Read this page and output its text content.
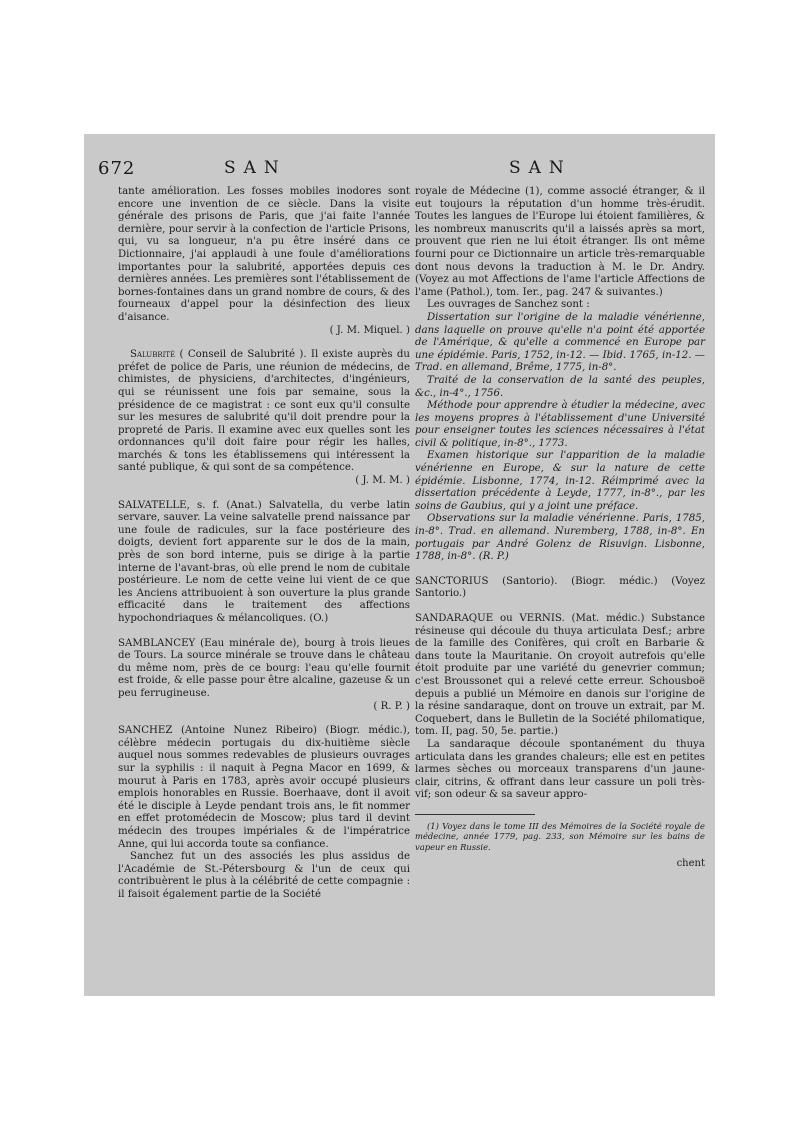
672	SAN	SAN

tante amélioration. Les fosses mobiles inodores sont encore une invention de ce siècle. Dans la visite générale des prisons de Paris, que j'ai faite l'année dernière, pour servir à la confection de l'article Prisons, qui, vu sa longueur, n'a pu être inséré dans ce Dictionnaire, j'ai applaudi à une foule d'améliorations importantes pour la salubrité, apportées depuis ces dernières années. Les premières sont l'établissement de bornes-fontaines dans un grand nombre de cours, & des fourneaux d'appel pour la désinfection des lieux d'aisance.

( J. M. Miquel. )

Salubrité ( Conseil de Salubrité ). Il existe auprès du préfet de police de Paris, une réunion de médecins, de chimistes, de physiciens, d'architectes, d'ingénieurs, qui se réunissent une fois par semaine, sous la présidence de ce magistrat : ce sont eux qu'il consulte sur les mesures de salubrité qu'il doit prendre pour la propreté de Paris. Il examine avec eux quelles sont les ordonnances qu'il doit faire pour régir les halles, marchés & tons les établissemens qui intéressent la santé publique, & qui sont de sa compétence.

( J. M. M. )

SALVATELLE, s. f. (Anat.) Salvatella, du verbe latin servare, sauver. La veine salvatelle prend naissance par une foule de radicules, sur la face postérieure des doigts, devient fort apparente sur le dos de la main, près de son bord interne, puis se dirige à la partie interne de l'avant-bras, où elle prend le nom de cubitale postérieure. Le nom de cette veine lui vient de ce que les Anciens attribuoient à son ouverture la plus grande efficacité dans le traitement des affections hypochondriaques & mélancoliques. (O.)

SAMBLANCEY (Eau minérale de), bourg à trois lieues de Tours. La source minérale se trouve dans le château du même nom, près de ce bourg: l'eau qu'elle fournit est froide, & elle passe pour être alcaline, gazeuse & un peu ferrugineuse.

( R. P. )

SANCHEZ (Antoine Nunez Ribeiro) (Biogr. médic.), célèbre médecin portugais du dix-huitième siècle auquel nous sommes redevables de plusieurs ouvrages sur la syphilis : il naquit à Pegna Macor en 1699, & mourut à Paris en 1783, après avoir occupé plusieurs emplois honorables en Russie. Boerhaave, dont il avoit été le disciple à Leyde pendant trois ans, le fit nommer en effet protomédecin de Moscow; plus tard il devint médecin des troupes impériales & de l'impératrice Anne, qui lui accorda toute sa confiance.

Sanchez fut un des associés les plus assidus de l'Académie de St.-Pétersbourg & l'un de ceux qui contribuèrent le plus à la célébrité de cette compagnie : il faisoit également partie de la Société

royale de Médecine (1), comme associé étranger, & il eut toujours la réputation d'un homme très-érudit. Toutes les langues de l'Europe lui étoient familières, & les nombreux manuscrits qu'il a laissés après sa mort, prouvent que rien ne lui étoit étranger. Ils ont même fourni pour ce Dictionnaire un article très-remarquable dont nous devons la traduction à M. le Dr. Andry. (Voyez au mot Affections de l'ame l'article Affections de l'ame (Pathol.), tom. Ier., pag. 247 & suivantes.)

Les ouvrages de Sanchez sont :

Dissertation sur l'origine de la maladie vénérienne, dans laquelle on prouve qu'elle n'a point été apportée de l'Amérique, & qu'elle a commencé en Europe par une épidémie. Paris, 1752, in-12. — Ibid. 1765, in-12. — Trad. en allemand, Brême, 1775, in-8°.

Traité de la conservation de la santé des peuples, &c., in-4°., 1756.

Méthode pour apprendre à étudier la médecine, avec les moyens propres à l'établissement d'une Université pour enseigner toutes les sciences nécessaires à l'état civil & politique, in-8°., 1773.

Examen historique sur l'apparition de la maladie vénérienne en Europe, & sur la nature de cette épidémie. Lisbonne, 1774, in-12. Réimprimé avec la dissertation précédente à Leyde, 1777, in-8°., par les soins de Gaubius, qui y a joint une préface.

Observations sur la maladie vénérienne. Paris, 1785, in-8°. Trad. en allemand. Nuremberg, 1788, in-8°. En portugais par André Golenz de Risuvign. Lisbonne, 1788, in-8°. (R. P.)

SANCTORIUS (Santorio). (Biogr. médic.) (Voyez Santorio.)

SANDARAQUE ou VERNIS. (Mat. médic.) Substance résineuse qui découle du thuya articulata Desf.; arbre de la famille des Conifères, qui croît en Barbarie & dans toute la Mauritanie. On croyoit autrefois qu'elle étoit produite par une variété du genevrier commun; c'est Broussonet qui a relevé cette erreur. Schousboë depuis a publié un Mémoire en danois sur l'origine de la résine sandaraque, dont on trouve un extrait, par M. Coquebert, dans le Bulletin de la Société philomatique, tom. II, pag. 50, 5e. partie.)

La sandaraque découle spontanément du thuya articulata dans les grandes chaleurs; elle est en petites larmes sèches ou morceaux transparens d'un jaune-clair, citrins, & offrant dans leur cassure un poli très-vif; son odeur & sa saveur appro-

(1) Voyez dans le tome III des Mémoires de la Société royale de médecine, année 1779, pag. 233, son Mémoire sur les bains de vapeur en Russie.

chent
